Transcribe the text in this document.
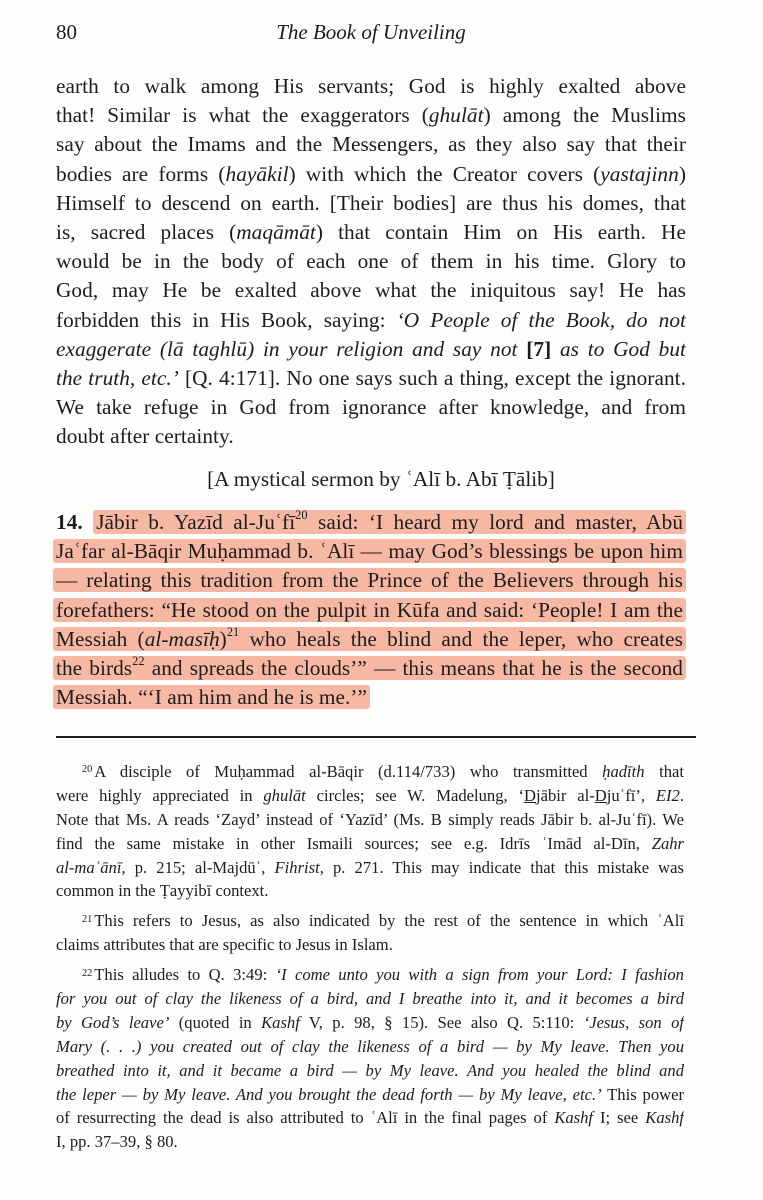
80	The Book of Unveiling
earth to walk among His servants; God is highly exalted above
that! Similar is what the exaggerators (ghulāt) among the Muslims
say about the Imams and the Messengers, as they also say that their
bodies are forms (hayākil) with which the Creator covers (yastajinn)
Himself to descend on earth. [Their bodies] are thus his domes, that
is, sacred places (maqāmāt) that contain Him on His earth. He
would be in the body of each one of them in his time. Glory to
God, may He be exalted above what the iniquitous say! He has
forbidden this in His Book, saying: ‘O People of the Book, do not
exaggerate (lā taghlū) in your religion and say not [7] as to God but
the truth, etc.’ [Q. 4:171]. No one says such a thing, except the ignorant.
We take refuge in God from ignorance after knowledge, and from
doubt after certainty.
[A mystical sermon by ʿAlī b. Abī Ṭālib]
14. Jābir b. Yazīd al-Juʿfī$^{20}$ said: ‘I heard my lord and master, Abū
Jaʿfar al-Bāqir Muḥammad b. ʿAlī — may God’s blessings be upon him
— relating this tradition from the Prince of the Believers through his
forefathers: “He stood on the pulpit in Kūfa and said: ‘People! I am the
Messiah (al-masīḥ)$^{21}$ who heals the blind and the leper, who creates
the birds$^{22}$ and spreads the clouds’” — this means that he is the second
Messiah. “‘I am him and he is me.’”
$^{20}$ A disciple of Muḥammad al-Bāqir (d.114/733) who transmitted ḥadīth that
were highly appreciated in ghulāt circles; see W. Madelung, ‘Djābir al-Djuʿfī’, EI2.
Note that Ms. A reads ‘Zayd’ instead of ‘Yazīd’ (Ms. B simply reads Jābir b. al-Juʿfī). We
find the same mistake in other Ismaili sources; see e.g. Idrīs ʿImād al-Dīn, Zahr
al-maʿānī, p. 215; al-Majdūʿ, Fihrist, p. 271. This may indicate that this mistake was
common in the Ṭayyibī context.
$^{21}$ This refers to Jesus, as also indicated by the rest of the sentence in which ʿAlī
claims attributes that are specific to Jesus in Islam.
$^{22}$ This alludes to Q. 3:49: ‘I come unto you with a sign from your Lord: I fashion
for you out of clay the likeness of a bird, and I breathe into it, and it becomes a bird
by God’s leave’ (quoted in Kashf V, p. 98, § 15). See also Q. 5:110: ‘Jesus, son of
Mary (. . .) you created out of clay the likeness of a bird — by My leave. Then you
breathed into it, and it became a bird — by My leave. And you healed the blind and
the leper — by My leave. And you brought the dead forth — by My leave, etc.’ This power
of resurrecting the dead is also attributed to ʿAlī in the final pages of Kashf I; see Kashf
I, pp. 37–39, § 80.
